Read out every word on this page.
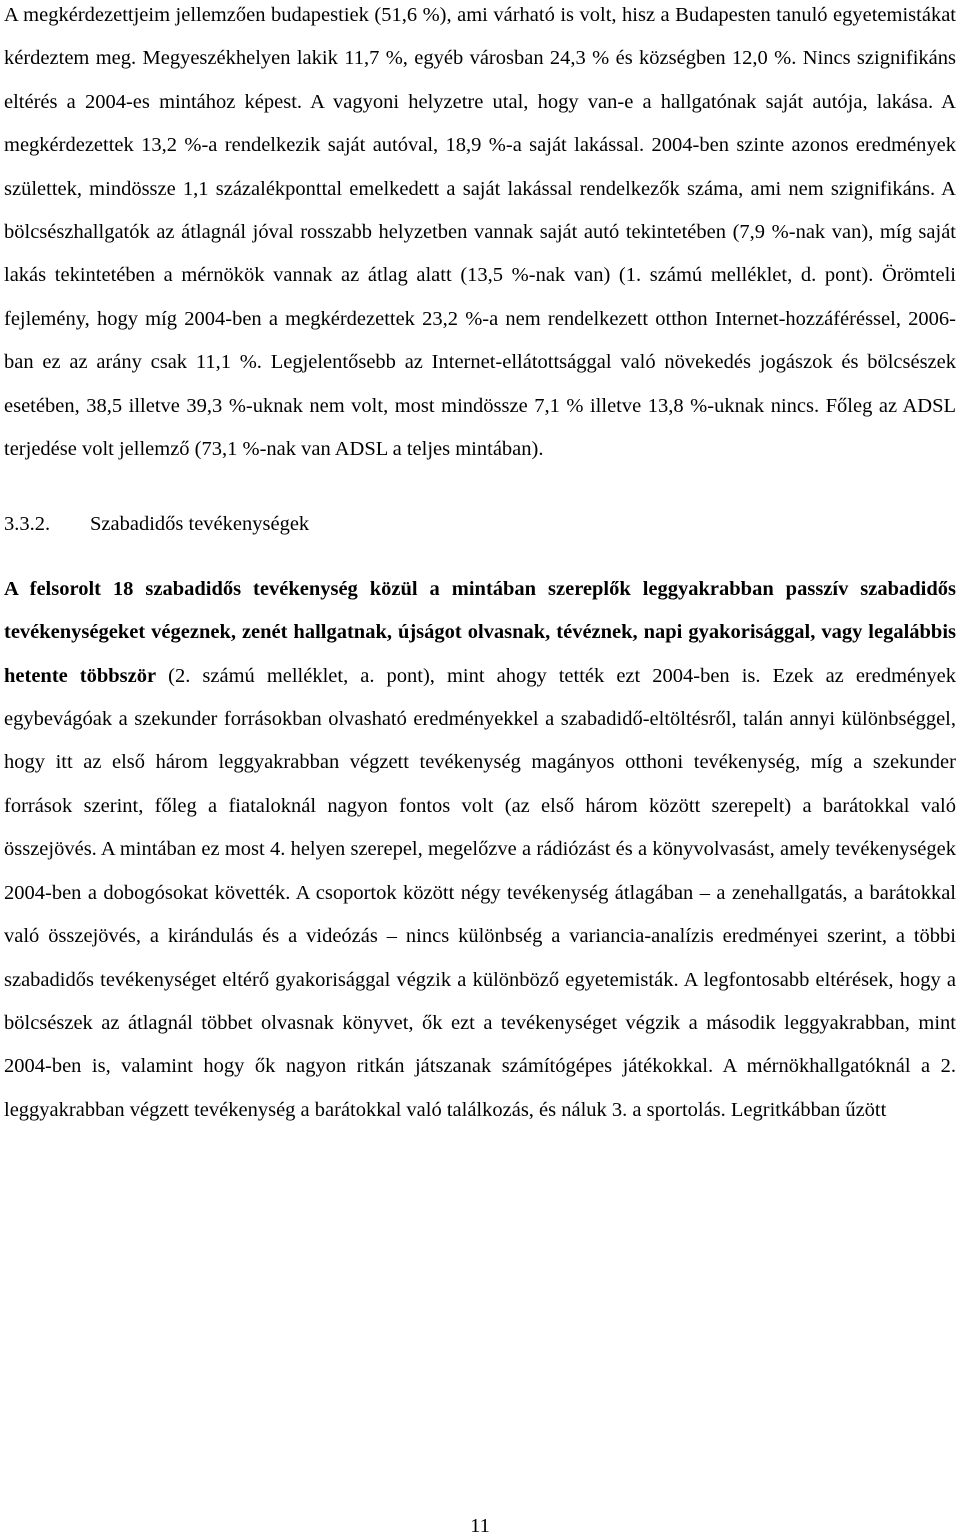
A megkérdezettjeim jellemzően budapestiek (51,6 %), ami várható is volt, hisz a Budapesten tanuló egyetemistákat kérdeztem meg. Megyeszékhelyen lakik 11,7 %, egyéb városban 24,3 % és községben 12,0 %. Nincs szignifikáns eltérés a 2004-es mintához képest. A vagyoni helyzetre utal, hogy van-e a hallgatónak saját autója, lakása. A megkérdezettek 13,2 %-a rendelkezik saját autóval, 18,9 %-a saját lakással. 2004-ben szinte azonos eredmények születtek, mindössze 1,1 százalékponttal emelkedett a saját lakással rendelkezők száma, ami nem szignifikáns. A bölcsészhallgatók az átlagnál jóval rosszabb helyzetben vannak saját autó tekintetében (7,9 %-nak van), míg saját lakás tekintetében a mérnökök vannak az átlag alatt (13,5 %-nak van) (1. számú melléklet, d. pont). Örömteli fejlemény, hogy míg 2004-ben a megkérdezettek 23,2 %-a nem rendelkezett otthon Internet-hozzáféréssel, 2006-ban ez az arány csak 11,1 %. Legjelentősebb az Internet-ellátottsággal való növekedés jogászok és bölcsészek esetében, 38,5 illetve 39,3 %-uknak nem volt, most mindössze 7,1 % illetve 13,8 %-uknak nincs. Főleg az ADSL terjedése volt jellemző (73,1 %-nak van ADSL a teljes mintában).

3.3.2. Szabadidős tevékenységek

A felsorolt 18 szabadidős tevékenység közül a mintában szereplők leggyakrabban passzív szabadidős tevékenységeket végeznek, zenét hallgatnak, újságot olvasnak, tévéznek, napi gyakorisággal, vagy legalábbis hetente többször (2. számú melléklet, a. pont), mint ahogy tették ezt 2004-ben is. Ezek az eredmények egybevágóak a szekunder forrásokban olvasható eredményekkel a szabadidő-eltöltésről, talán annyi különbséggel, hogy itt az első három leggyakrabban végzett tevékenység magányos otthoni tevékenység, míg a szekunder források szerint, főleg a fiataloknál nagyon fontos volt (az első három között szerepelt) a barátokkal való összejövés. A mintában ez most 4. helyen szerepel, megelőzve a rádiózást és a könyvolvasást, amely tevékenységek 2004-ben a dobogósokat követték. A csoportok között négy tevékenység átlagában – a zenehallgatás, a barátokkal való összejövés, a kirándulás és a videózás – nincs különbség a variancia-analízis eredményei szerint, a többi szabadidős tevékenységet eltérő gyakorisággal végzik a különböző egyetemisták. A legfontosabb eltérések, hogy a bölcsészek az átlagnál többet olvasnak könyvet, ők ezt a tevékenységet végzik a második leggyakrabban, mint 2004-ben is, valamint hogy ők nagyon ritkán játszanak számítógépes játékokkal. A mérnökhallgatóknál a 2. leggyakrabban végzett tevékenység a barátokkal való találkozás, és náluk 3. a sportolás. Legritkábban űzött

11
